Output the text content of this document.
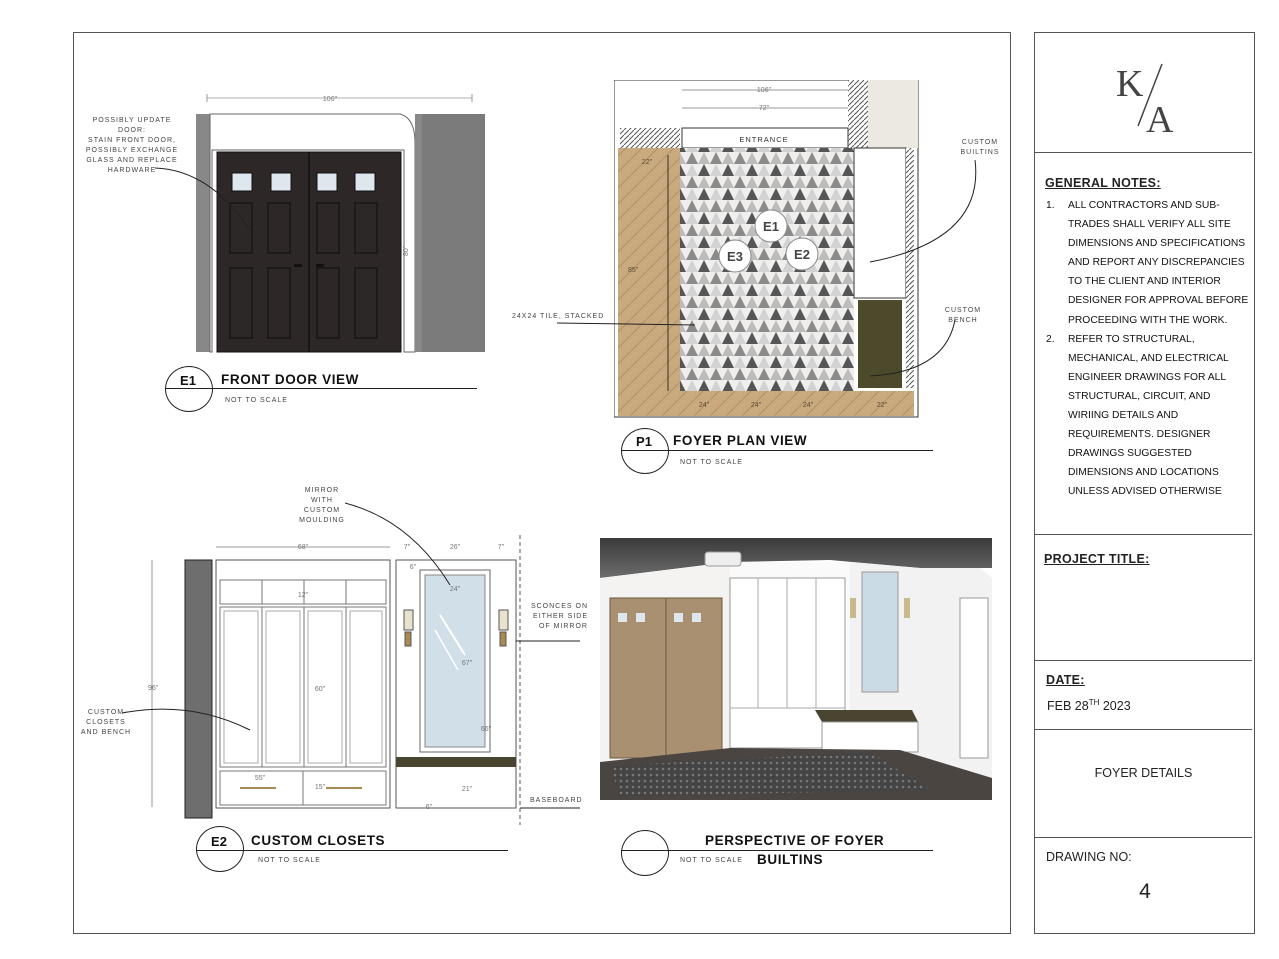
106"
80"
POSSIBLY UPDATE
DOOR:
STAIN FRONT DOOR,
POSSIBLY EXCHANGE
GLASS AND REPLACE
HARDWARE
E1	FRONT DOOR VIEW
NOT TO SCALE
ENTRANCE
106"
72"
E1
E2
E3
22"
85"
24"	24"	24"	22"
CUSTOM
BUILTINS
CUSTOM
BENCH
24X24 TILE, STACKED
P1	FOYER PLAN VIEW
NOT TO SCALE
68"	7"	26"	7"
96"
12"
60"
55"
15"
24"
67"
66"
6"
21"
6"
MIRROR
WITH
CUSTOM
MOULDING
SCONCES ON
EITHER SIDE
OF MIRROR
CUSTOM
CLOSETS
AND BENCH
BASEBOARD
E2	CUSTOM CLOSETS
NOT TO SCALE
PERSPECTIVE OF FOYER
BUILTINS
NOT TO SCALE
K
A
GENERAL NOTES:
1. ALL CONTRACTORS AND SUB-TRADES SHALL VERIFY ALL SITE DIMENSIONS AND SPECIFICATIONS AND REPORT ANY DISCREPANCIES TO THE CLIENT AND INTERIOR DESIGNER FOR APPROVAL BEFORE PROCEEDING WITH THE WORK.
2. REFER TO STRUCTURAL, MECHANICAL, AND ELECTRICAL ENGINEER DRAWINGS FOR ALL STRUCTURAL, CIRCUIT, AND WIRIING DETAILS AND REQUIREMENTS. DESIGNER DRAWINGS SUGGESTED DIMENSIONS AND LOCATIONS UNLESS ADVISED OTHERWISE
PROJECT TITLE:
DATE:
FEB 28TH 2023
FOYER DETAILS
DRAWING NO:
4
